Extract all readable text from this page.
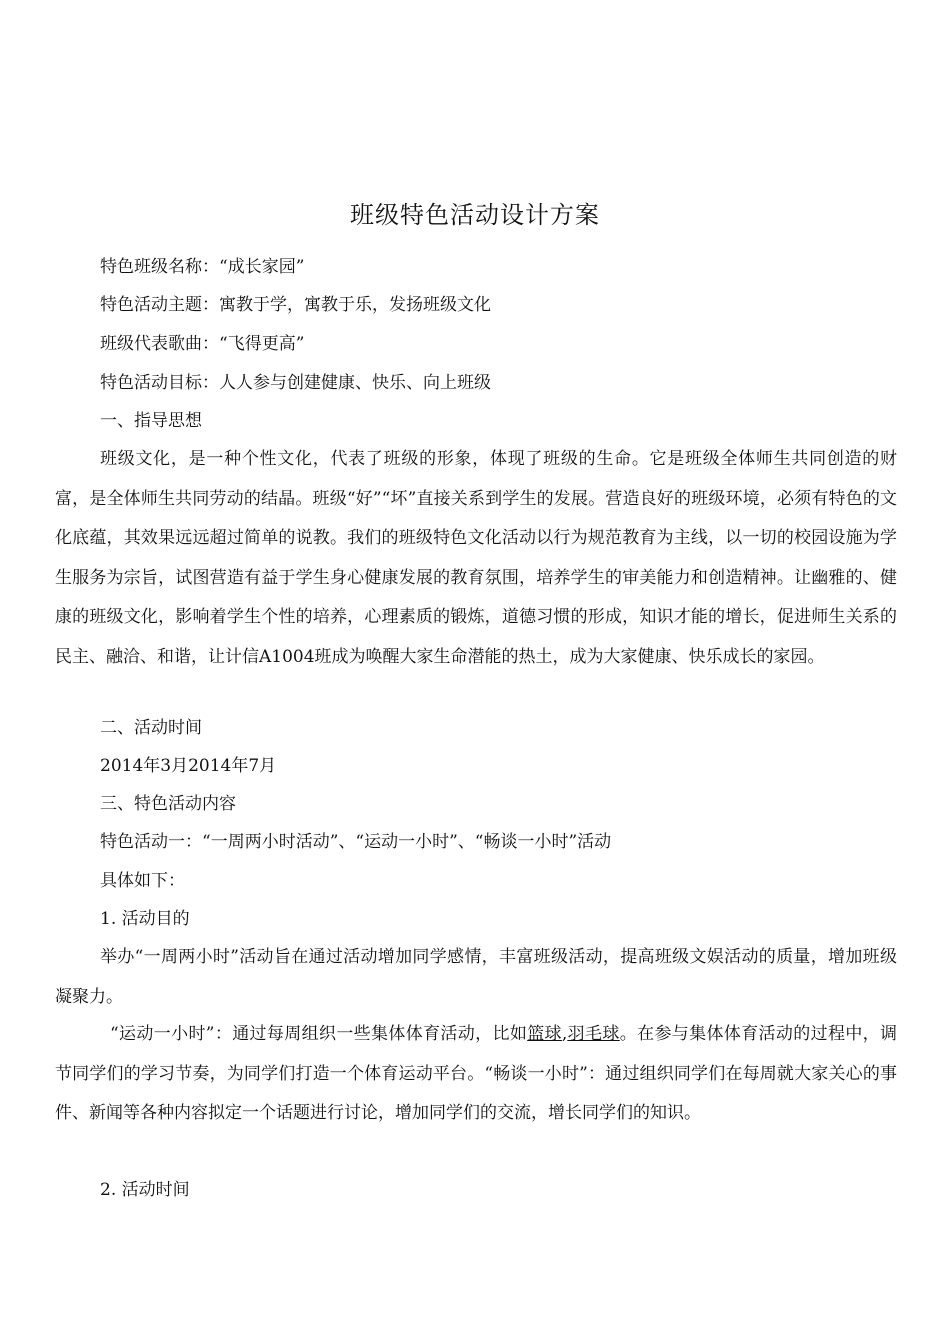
班级特色活动设计方案
特色班级名称：“成长家园”
特色活动主题：寓教于学，寓教于乐，发扬班级文化
班级代表歌曲：“飞得更高”
特色活动目标：人人参与创建健康、快乐、向上班级
一、指导思想
班级文化，是一种个性文化，代表了班级的形象，体现了班级的生命。它是班级全体师生共同创造的财富，是全体师生共同劳动的结晶。班级“好”“坏”直接关系到学生的发展。营造良好的班级环境，必须有特色的文化底蕴，其效果远远超过简单的说教。我们的班级特色文化活动以行为规范教育为主线，以一切的校园设施为学生服务为宗旨，试图营造有益于学生身心健康发展的教育氛围，培养学生的审美能力和创造精神。让幽雅的、健康的班级文化，影响着学生个性的培养，心理素质的锻炼，道德习惯的形成，知识才能的增长，促进师生关系的民主、融洽、和谐，让计信A1004班成为唤醒大家生命潜能的热土，成为大家健康、快乐成长的家园。
二、活动时间
2014年3月2014年7月
三、特色活动内容
特色活动一：“一周两小时活动”、“运动一小时”、“畅谈一小时”活动
具体如下：
1. 活动目的
举办“一周两小时”活动旨在通过活动增加同学感情，丰富班级活动，提高班级文娱活动的质量，增加班级凝聚力。
“运动一小时”：通过每周组织一些集体体育活动，比如篮球,羽毛球。在参与集体体育活动的过程中，调节同学们的学习节奏，为同学们打造一个体育运动平台。“畅谈一小时”：通过组织同学们在每周就大家关心的事件、新闻等各种内容拟定一个话题进行讨论，增加同学们的交流，增长同学们的知识。
2. 活动时间
